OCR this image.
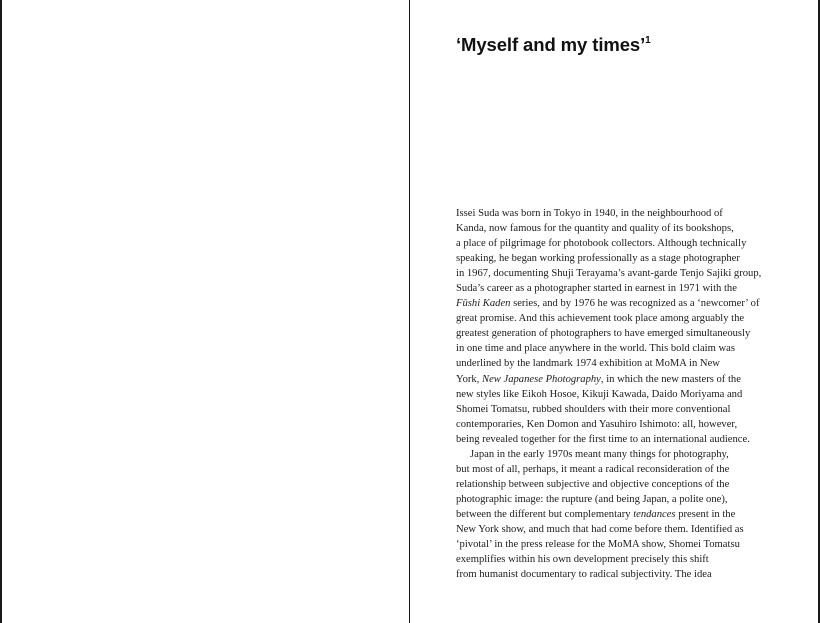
‘Myself and my times’$^1$
Issei Suda was born in Tokyo in 1940, in the neighbourhood of
Kanda, now famous for the quantity and quality of its bookshops,
a place of pilgrimage for photobook collectors. Although technically
speaking, he began working professionally as a stage photographer
in 1967, documenting Shuji Terayama’s avant-garde Tenjo Sajiki group,
Suda’s career as a photographer started in earnest in 1971 with the
Fūshi Kaden series, and by 1976 he was recognized as a ‘newcomer’ of
great promise. And this achievement took place among arguably the
greatest generation of photographers to have emerged simultaneously
in one time and place anywhere in the world. This bold claim was
underlined by the landmark 1974 exhibition at MoMA in New
York, New Japanese Photography, in which the new masters of the
new styles like Eikoh Hosoe, Kikuji Kawada, Daido Moriyama and
Shomei Tomatsu, rubbed shoulders with their more conventional
contemporaries, Ken Domon and Yasuhiro Ishimoto: all, however,
being revealed together for the first time to an international audience.
Japan in the early 1970s meant many things for photography,
but most of all, perhaps, it meant a radical reconsideration of the
relationship between subjective and objective conceptions of the
photographic image: the rupture (and being Japan, a polite one),
between the different but complementary tendances present in the
New York show, and much that had come before them. Identified as
‘pivotal’ in the press release for the MoMA show, Shomei Tomatsu
exemplifies within his own development precisely this shift
from humanist documentary to radical subjectivity. The idea
